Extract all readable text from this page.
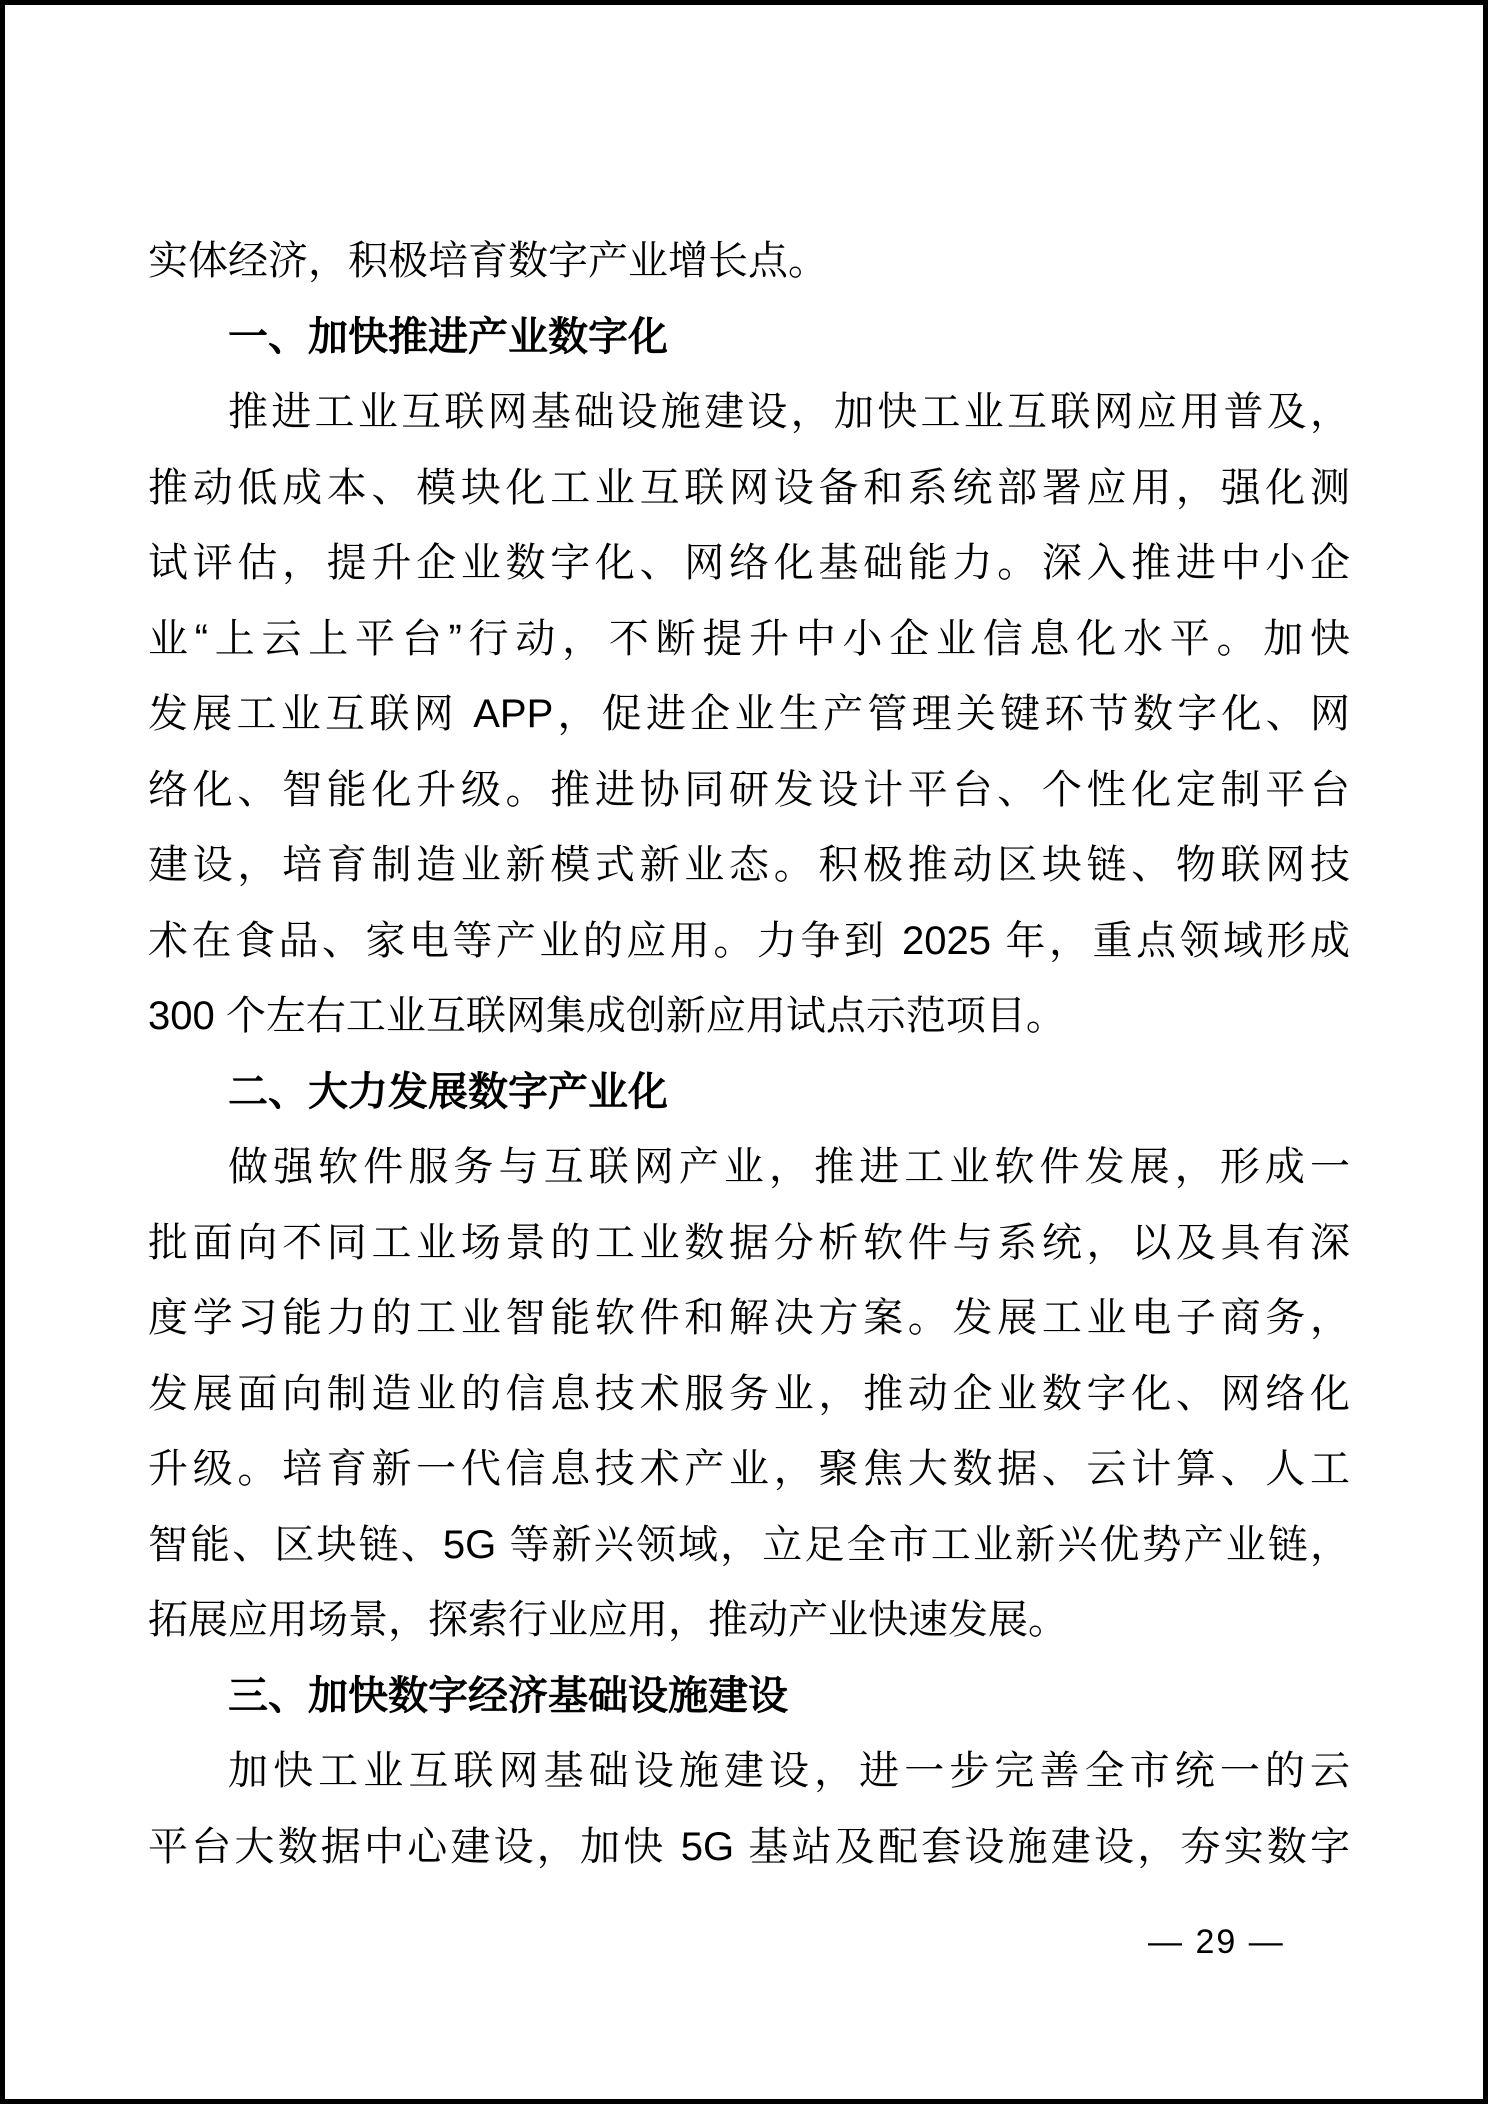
实体经济，积极培育数字产业增长点。
一、加快推进产业数字化
推进工业互联网基础设施建设，加快工业互联网应用普及，
推动低成本、模块化工业互联网设备和系统部署应用，强化测
试评估，提升企业数字化、网络化基础能力。深入推进中小企
业“上云上平台”行动，不断提升中小企业信息化水平。加快
发展工业互联网 APP，促进企业生产管理关键环节数字化、网
络化、智能化升级。推进协同研发设计平台、个性化定制平台
建设，培育制造业新模式新业态。积极推动区块链、物联网技
术在食品、家电等产业的应用。力争到 2025 年，重点领域形成
300 个左右工业互联网集成创新应用试点示范项目。
二、大力发展数字产业化
做强软件服务与互联网产业，推进工业软件发展，形成一
批面向不同工业场景的工业数据分析软件与系统，以及具有深
度学习能力的工业智能软件和解决方案。发展工业电子商务，
发展面向制造业的信息技术服务业，推动企业数字化、网络化
升级。培育新一代信息技术产业，聚焦大数据、云计算、人工
智能、区块链、5G 等新兴领域，立足全市工业新兴优势产业链，
拓展应用场景，探索行业应用，推动产业快速发展。
三、加快数字经济基础设施建设
加快工业互联网基础设施建设，进一步完善全市统一的云
平台大数据中心建设，加快 5G 基站及配套设施建设，夯实数字
— 29 —
